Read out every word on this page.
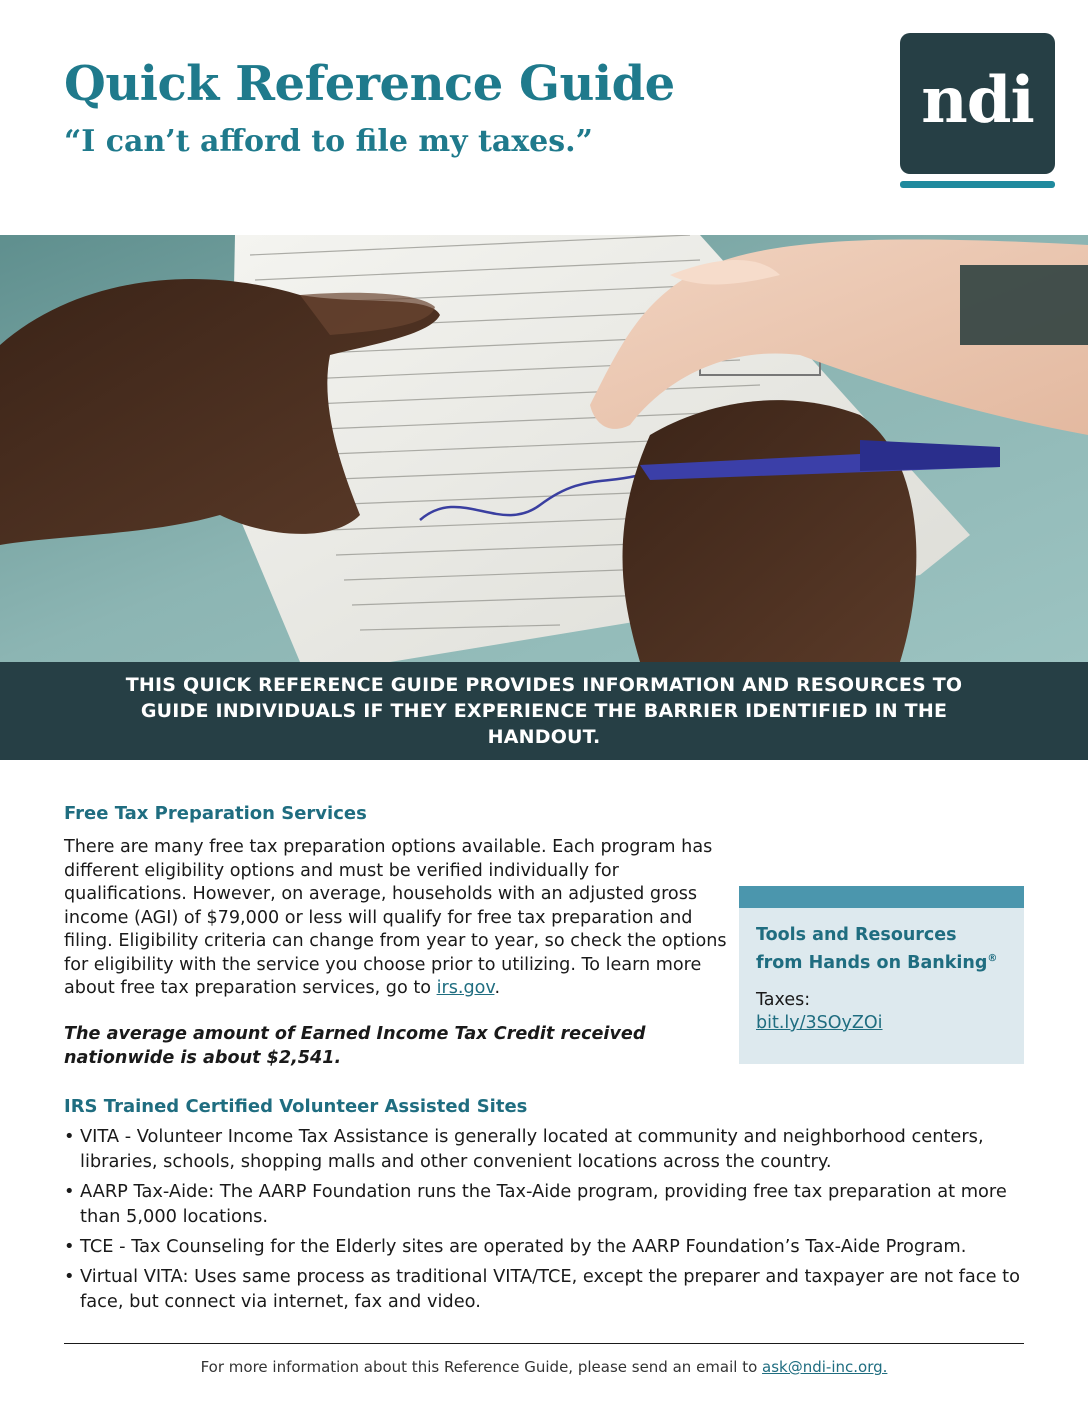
Quick Reference Guide
“I can’t afford to file my taxes.”
ndi
THIS QUICK REFERENCE GUIDE PROVIDES INFORMATION AND RESOURCES TO GUIDE INDIVIDUALS IF THEY EXPERIENCE THE BARRIER IDENTIFIED IN THE HANDOUT.
Free Tax Preparation Services
There are many free tax preparation options available. Each program has different eligibility options and must be verified individually for qualifications. However, on average, households with an adjusted gross income (AGI) of $79,000 or less will qualify for free tax preparation and filing. Eligibility criteria can change from year to year, so check the options for eligibility with the service you choose prior to utilizing. To learn more about free tax preparation services, go to irs.gov.
The average amount of Earned Income Tax Credit received nationwide is about $2,541.
Tools and Resources from Hands on Banking®
Taxes:
bit.ly/3SOyZOi
IRS Trained Certified Volunteer Assisted Sites
• VITA - Volunteer Income Tax Assistance is generally located at community and neighborhood centers, libraries, schools, shopping malls and other convenient locations across the country.
• AARP Tax-Aide: The AARP Foundation runs the Tax-Aide program, providing free tax preparation at more than 5,000 locations.
• TCE - Tax Counseling for the Elderly sites are operated by the AARP Foundation’s Tax-Aide Program.
• Virtual VITA: Uses same process as traditional VITA/TCE, except the preparer and taxpayer are not face to face, but connect via internet, fax and video.
For more information about this Reference Guide, please send an email to ask@ndi-inc.org.
